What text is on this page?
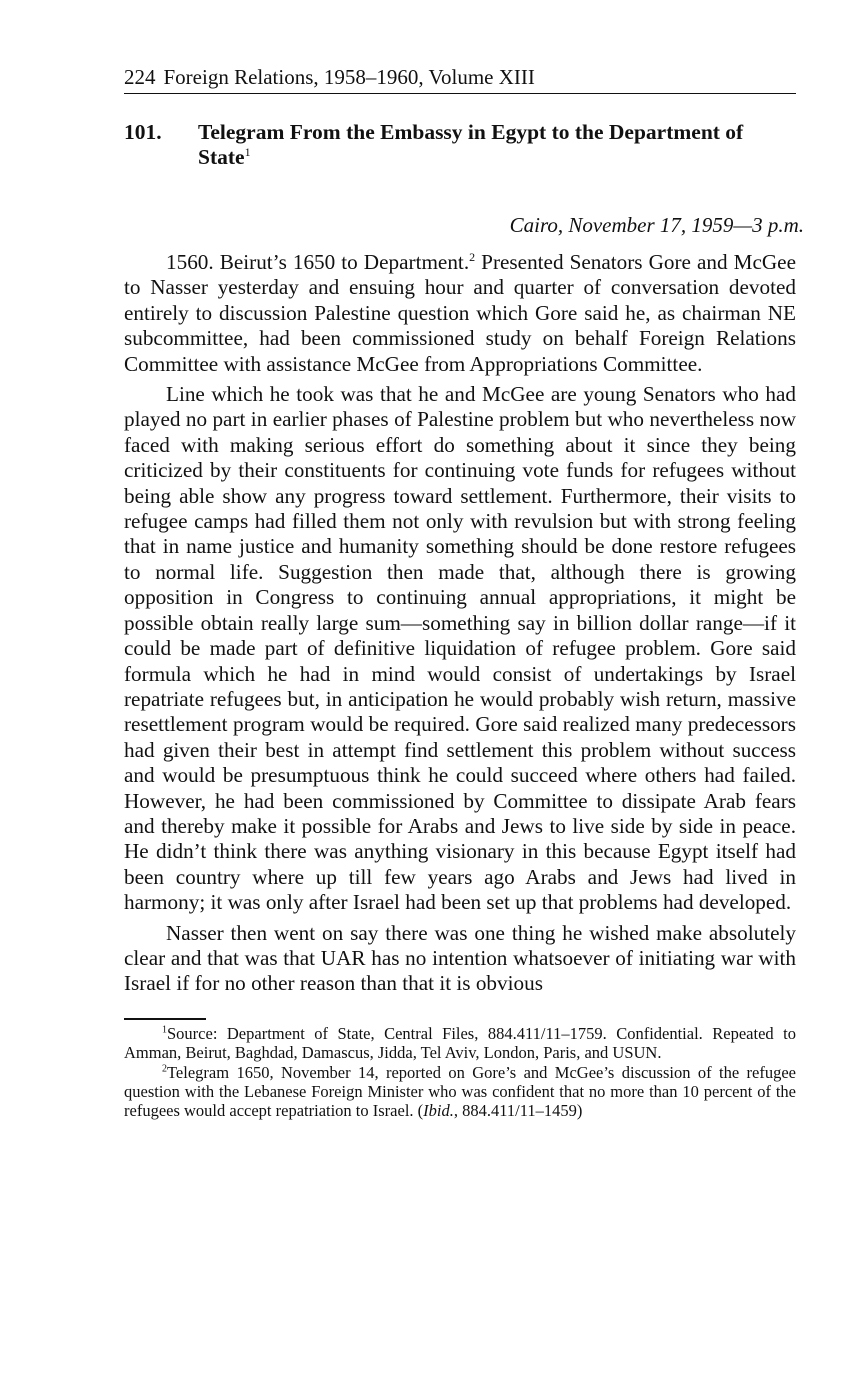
224 Foreign Relations, 1958–1960, Volume XIII
101.	Telegram From the Embassy in Egypt to the Department of State$^1$
Cairo, November 17, 1959—3 p.m.

1560. Beirut’s 1650 to Department.$^2$ Presented Senators Gore and McGee to Nasser yesterday and ensuing hour and quarter of conversation devoted entirely to discussion Palestine question which Gore said he, as chairman NE subcommittee, had been commissioned study on behalf Foreign Relations Committee with assistance McGee from Appropriations Committee.

Line which he took was that he and McGee are young Senators who had played no part in earlier phases of Palestine problem but who nevertheless now faced with making serious effort do something about it since they being criticized by their constituents for continuing vote funds for refugees without being able show any progress toward settlement. Furthermore, their visits to refugee camps had filled them not only with revulsion but with strong feeling that in name justice and humanity something should be done restore refugees to normal life. Suggestion then made that, although there is growing opposition in Congress to continuing annual appropriations, it might be possible obtain really large sum—something say in billion dollar range—if it could be made part of definitive liquidation of refugee problem. Gore said formula which he had in mind would consist of undertakings by Israel repatriate refugees but, in anticipation he would probably wish return, massive resettlement program would be required. Gore said realized many predecessors had given their best in attempt find settlement this problem without success and would be presumptuous think he could succeed where others had failed. However, he had been commissioned by Committee to dissipate Arab fears and thereby make it possible for Arabs and Jews to live side by side in peace. He didn’t think there was anything visionary in this because Egypt itself had been country where up till few years ago Arabs and Jews had lived in harmony; it was only after Israel had been set up that problems had developed.

Nasser then went on say there was one thing he wished make absolutely clear and that was that UAR has no intention whatsoever of initiating war with Israel if for no other reason than that it is obvious

$^1$Source: Department of State, Central Files, 884.411/11–1759. Confidential. Repeated to Amman, Beirut, Baghdad, Damascus, Jidda, Tel Aviv, London, Paris, and USUN.

$^2$Telegram 1650, November 14, reported on Gore’s and McGee’s discussion of the refugee question with the Lebanese Foreign Minister who was confident that no more than 10 percent of the refugees would accept repatriation to Israel. (Ibid., 884.411/11–1459)
